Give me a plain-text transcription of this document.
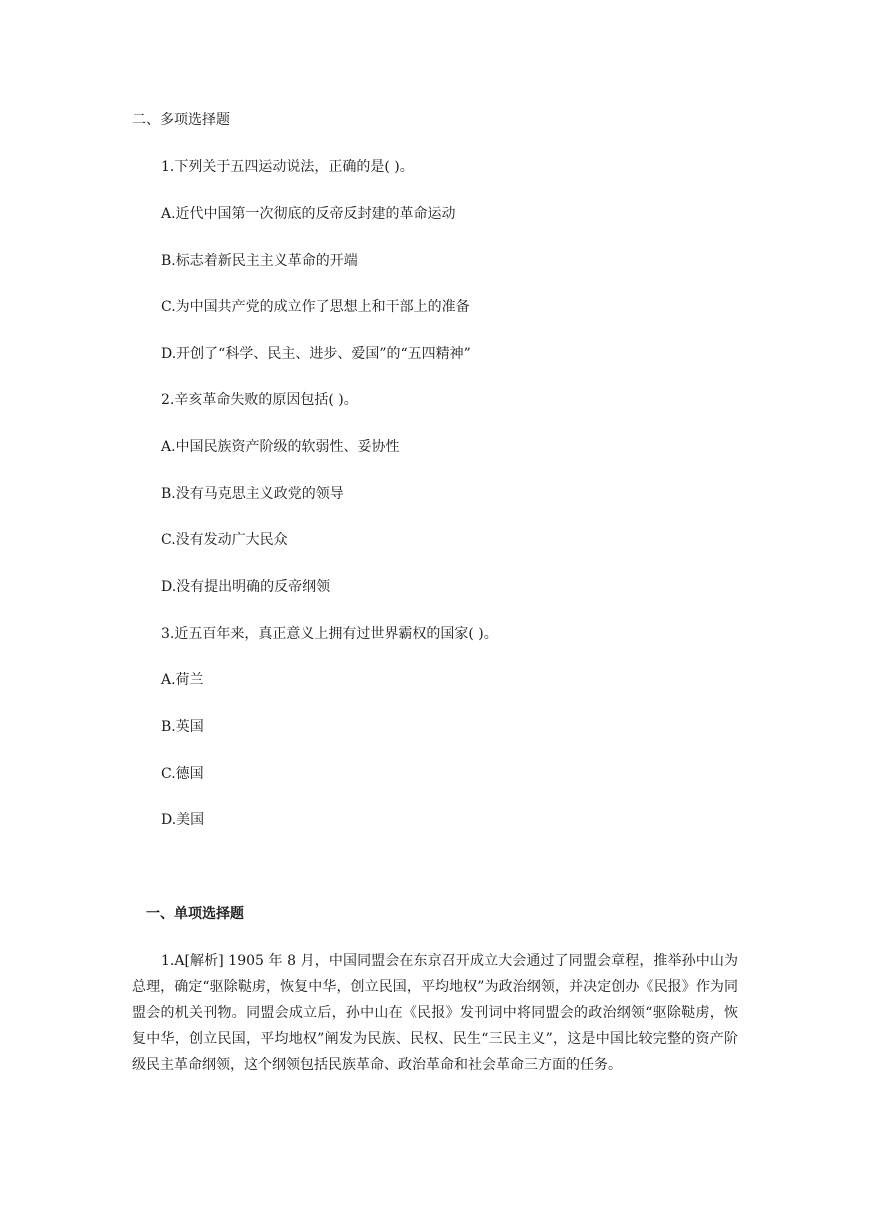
二、多项选择题

1.下列关于五四运动说法，正确的是( )。

A.近代中国第一次彻底的反帝反封建的革命运动

B.标志着新民主主义革命的开端

C.为中国共产党的成立作了思想上和干部上的准备

D.开创了“科学、民主、进步、爱国”的“五四精神”

2.辛亥革命失败的原因包括( )。

A.中国民族资产阶级的软弱性、妥协性

B.没有马克思主义政党的领导

C.没有发动广大民众

D.没有提出明确的反帝纲领

3.近五百年来，真正意义上拥有过世界霸权的国家( )。

A.荷兰

B.英国

C.德国

D.美国

一、单项选择题

1.A[解析] 1905 年 8 月，中国同盟会在东京召开成立大会通过了同盟会章程，推举孙中山为总理，确定“驱除鞑虏，恢复中华，创立民国，平均地权”为政治纲领，并决定创办《民报》作为同盟会的机关刊物。同盟会成立后，孙中山在《民报》发刊词中将同盟会的政治纲领“驱除鞑虏，恢复中华，创立民国，平均地权”阐发为民族、民权、民生“三民主义”，这是中国比较完整的资产阶级民主革命纲领，这个纲领包括民族革命、政治革命和社会革命三方面的任务。
